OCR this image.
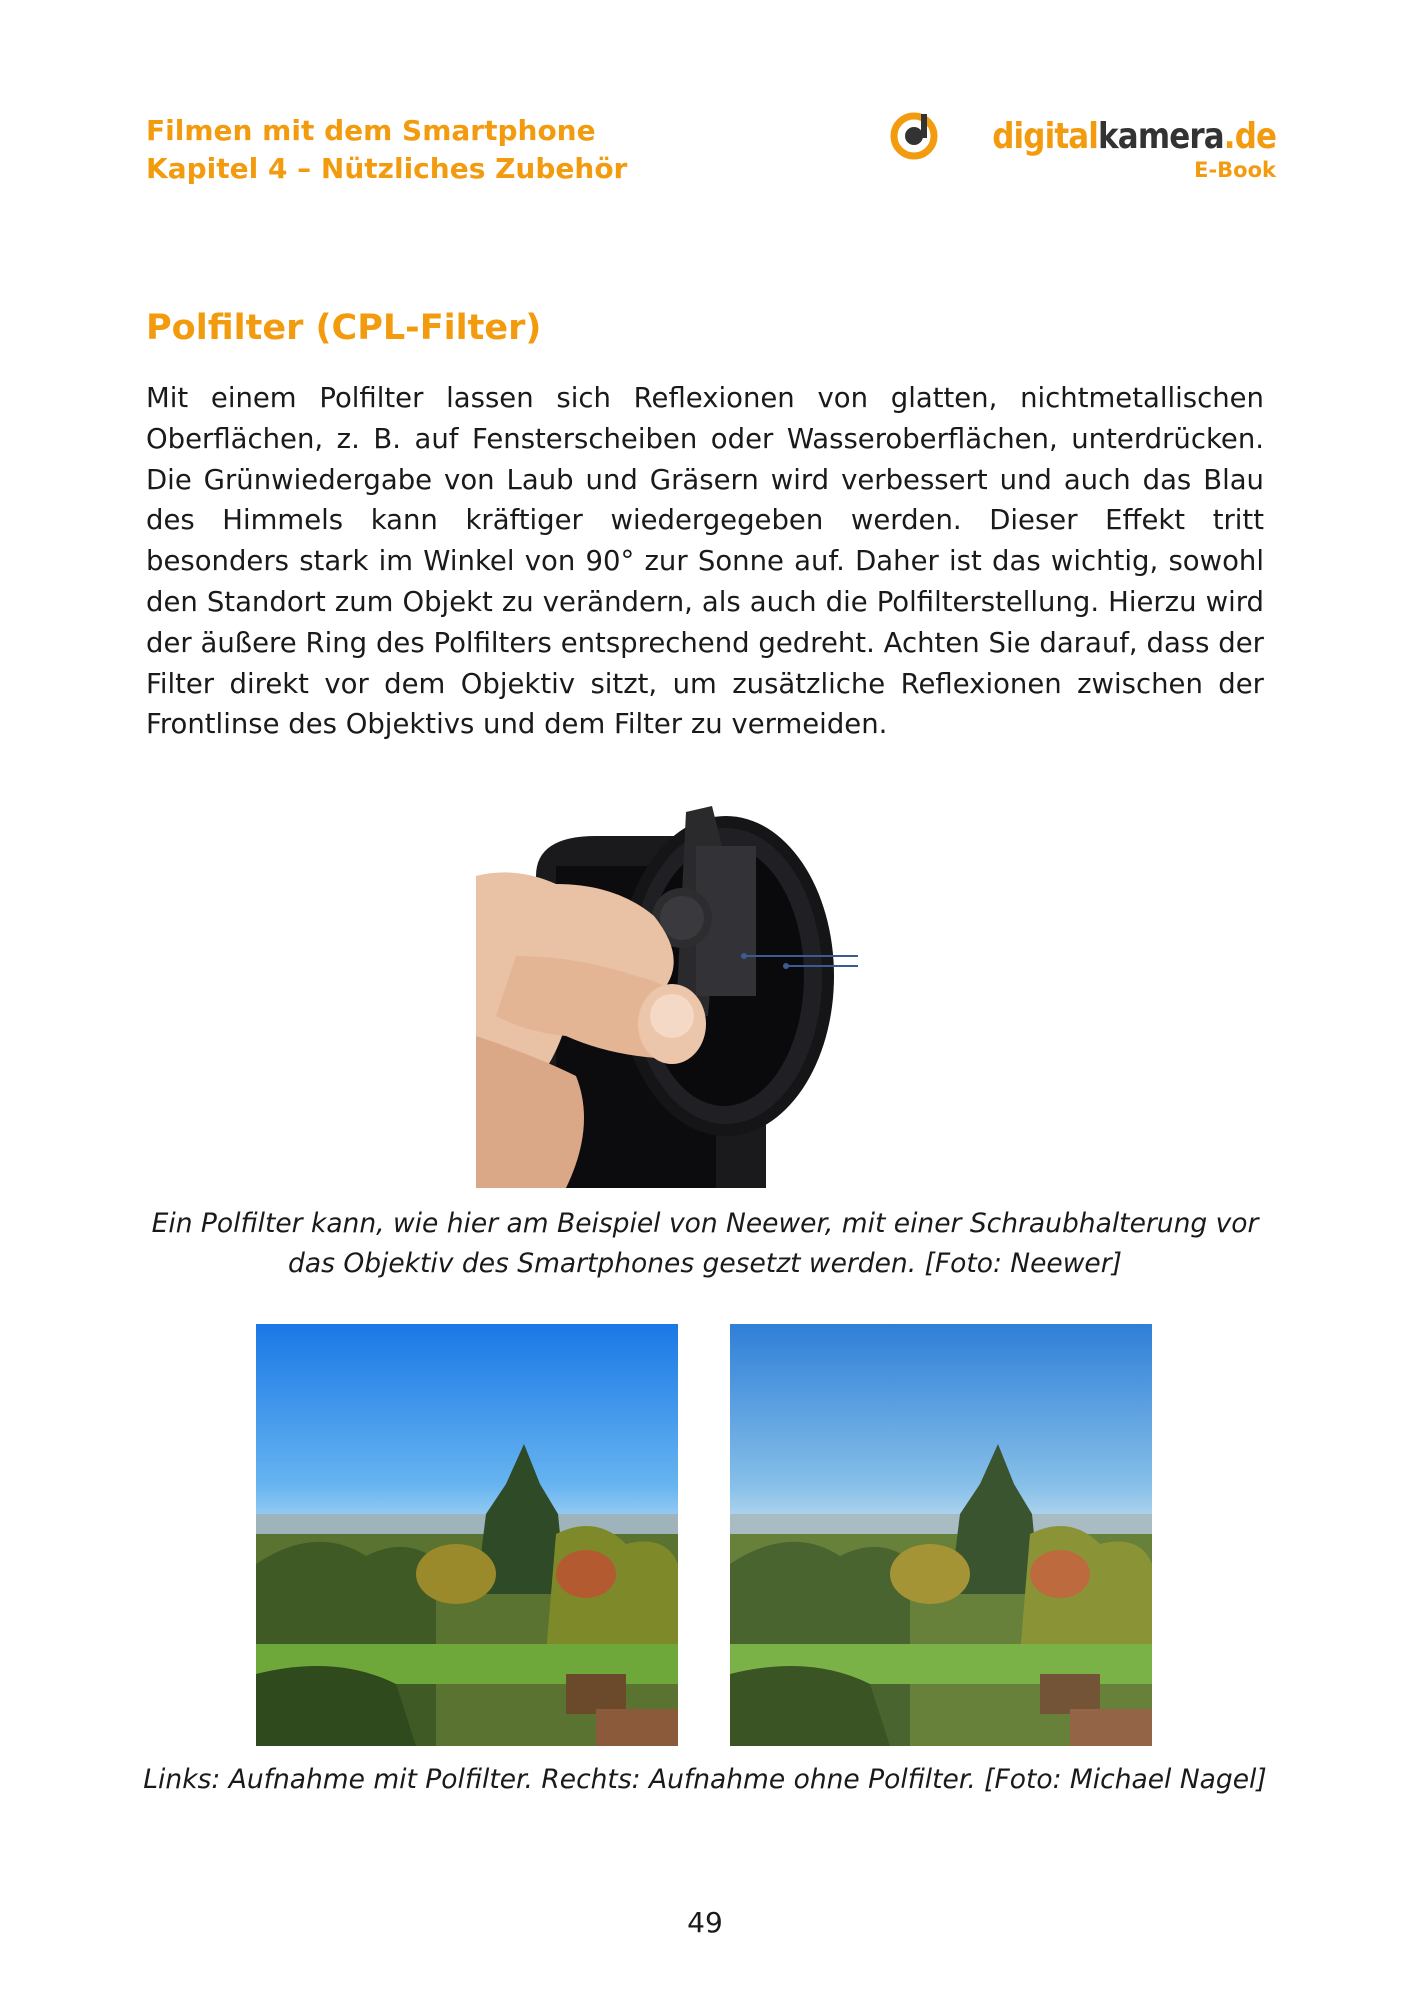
Filmen mit dem Smartphone
Kapitel 4 – Nützliches Zubehör
digitalkamera.de
E-Book
Polfilter (CPL-Filter)

Mit einem Polfilter lassen sich Reflexionen von glatten, nichtmetallischen Oberflächen, z. B. auf Fensterscheiben oder Wasseroberflächen, unterdrücken. Die Grünwiedergabe von Laub und Gräsern wird verbessert und auch das Blau des Himmels kann kräftiger wiedergegeben werden. Dieser Effekt tritt besonders stark im Winkel von 90° zur Sonne auf. Daher ist das wichtig, sowohl den Standort zum Objekt zu verändern, als auch die Polfilterstellung. Hierzu wird der äußere Ring des Polfilters entsprechend gedreht. Achten Sie darauf, dass der Filter direkt vor dem Objektiv sitzt, um zusätzliche Reflexionen zwischen der Frontlinse des Objektivs und dem Filter zu vermeiden.

Ein Polfilter kann, wie hier am Beispiel von Neewer, mit einer Schraubhalterung vor
das Objektiv des Smartphones gesetzt werden. [Foto: Neewer]
Links: Aufnahme mit Polfilter. Rechts: Aufnahme ohne Polfilter. [Foto: Michael Nagel]
49
